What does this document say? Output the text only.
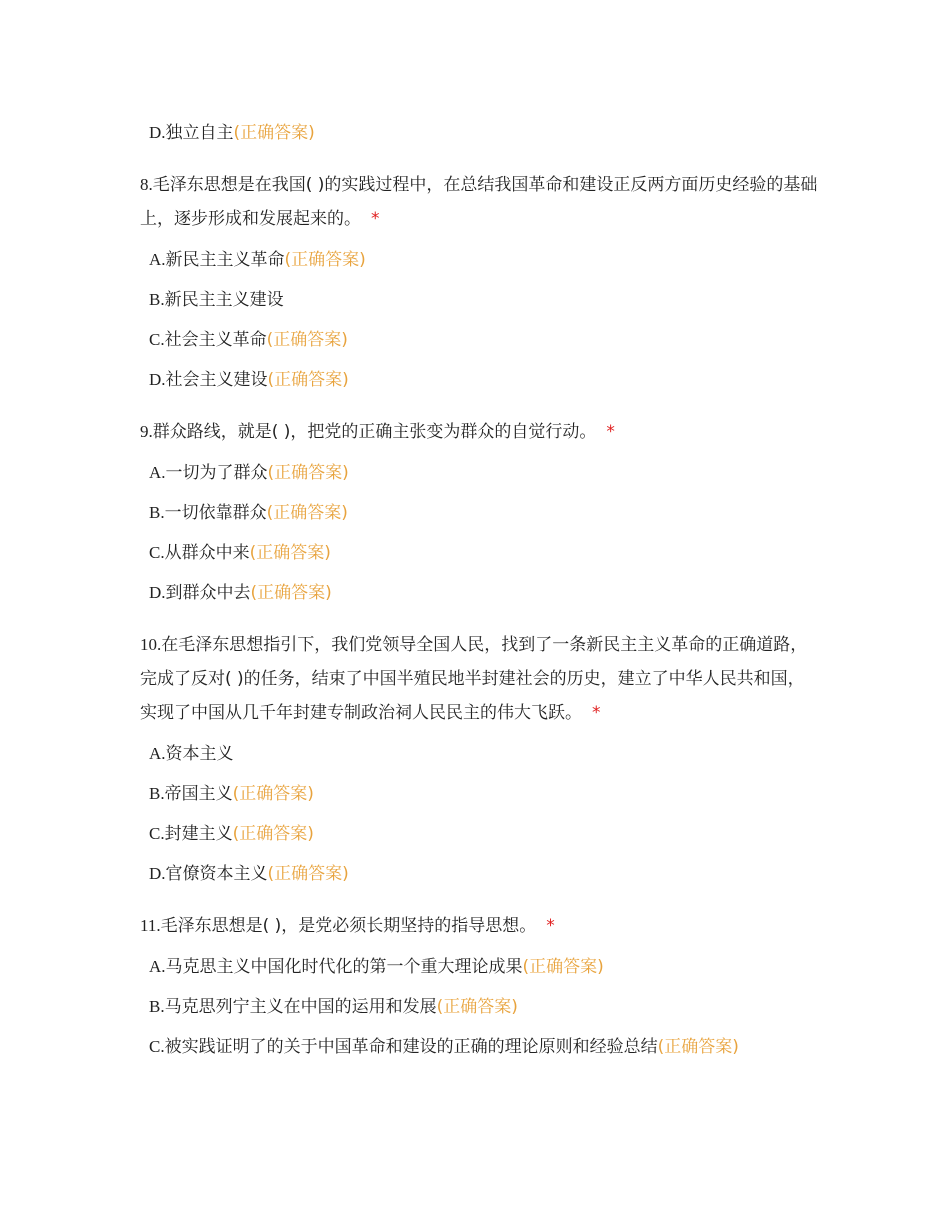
D.独立自主(正确答案)
8.毛泽东思想是在我国( )的实践过程中，在总结我国革命和建设正反两方面历史经验的基础上，逐步形成和发展起来的。 *
A.新民主主义革命(正确答案)
B.新民主主义建设
C.社会主义革命(正确答案)
D.社会主义建设(正确答案)
9.群众路线，就是( )，把党的正确主张变为群众的自觉行动。 *
A.一切为了群众(正确答案)
B.一切依靠群众(正确答案)
C.从群众中来(正确答案)
D.到群众中去(正确答案)
10.在毛泽东思想指引下，我们党领导全国人民，找到了一条新民主主义革命的正确道路，完成了反对( )的任务，结束了中国半殖民地半封建社会的历史，建立了中华人民共和国，实现了中国从几千年封建专制政治祠人民民主的伟大飞跃。 *
A.资本主义
B.帝国主义(正确答案)
C.封建主义(正确答案)
D.官僚资本主义(正确答案)
11.毛泽东思想是( )，是党必须长期坚持的指导思想。 *
A.马克思主义中国化时代化的第一个重大理论成果(正确答案)
B.马克思列宁主义在中国的运用和发展(正确答案)
C.被实践证明了的关于中国革命和建设的正确的理论原则和经验总结(正确答案)
